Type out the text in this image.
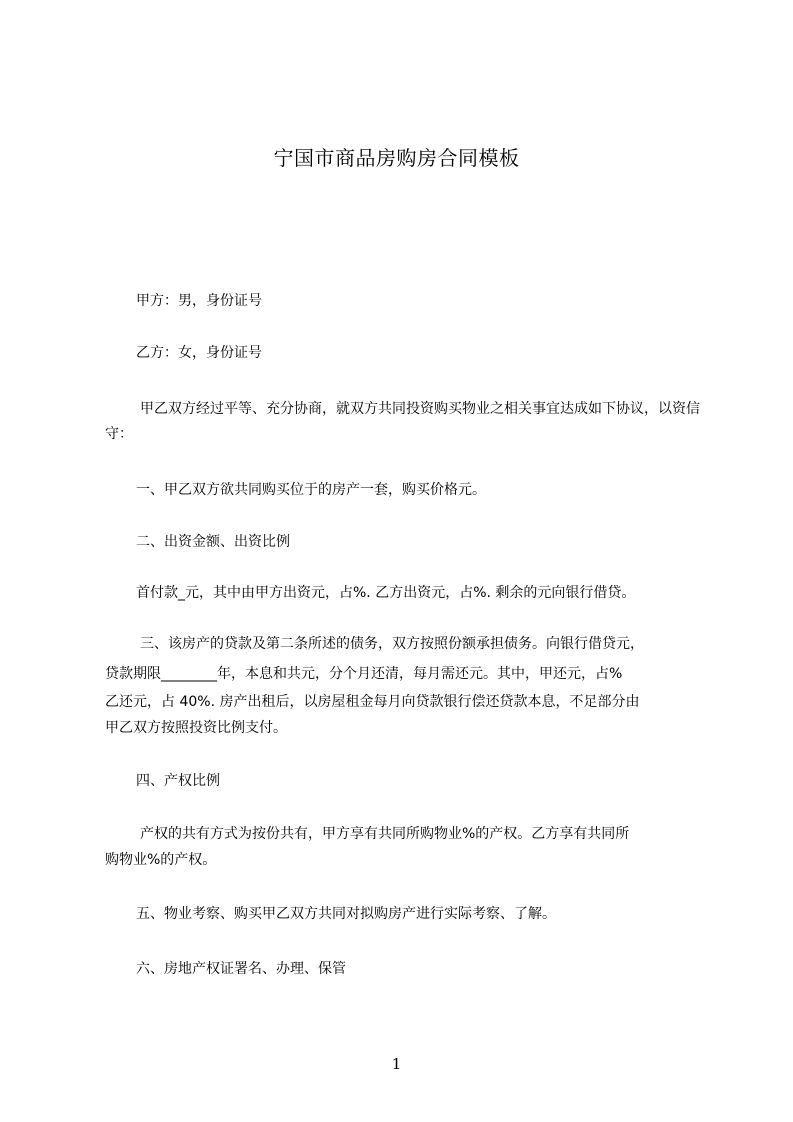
宁国市商品房购房合同模板
甲方：男，身份证号
乙方：女，身份证号
甲乙双方经过平等、充分协商，就双方共同投资购买物业之相关事宜达成如下协议，以资信守：
一、甲乙双方欲共同购买位于的房产一套，购买价格元。
二、出资金额、出资比例
首付款_元，其中由甲方出资元，占%. 乙方出资元，占%. 剩余的元向银行借贷。
三、该房产的贷款及第二条所述的债务，双方按照份额承担债务。向银行借贷元，
贷款期限________年，本息和共元，分个月还清，每月需还元。其中，甲还元，占%
乙还元，占 40%. 房产出租后，以房屋租金每月向贷款银行偿还贷款本息，不足部分由
甲乙双方按照投资比例支付。
四、产权比例
产权的共有方式为按份共有，甲方享有共同所购物业%的产权。乙方享有共同所
购物业%的产权。
五、物业考察、购买甲乙双方共同对拟购房产进行实际考察、了解。
六、房地产权证署名、办理、保管
1
